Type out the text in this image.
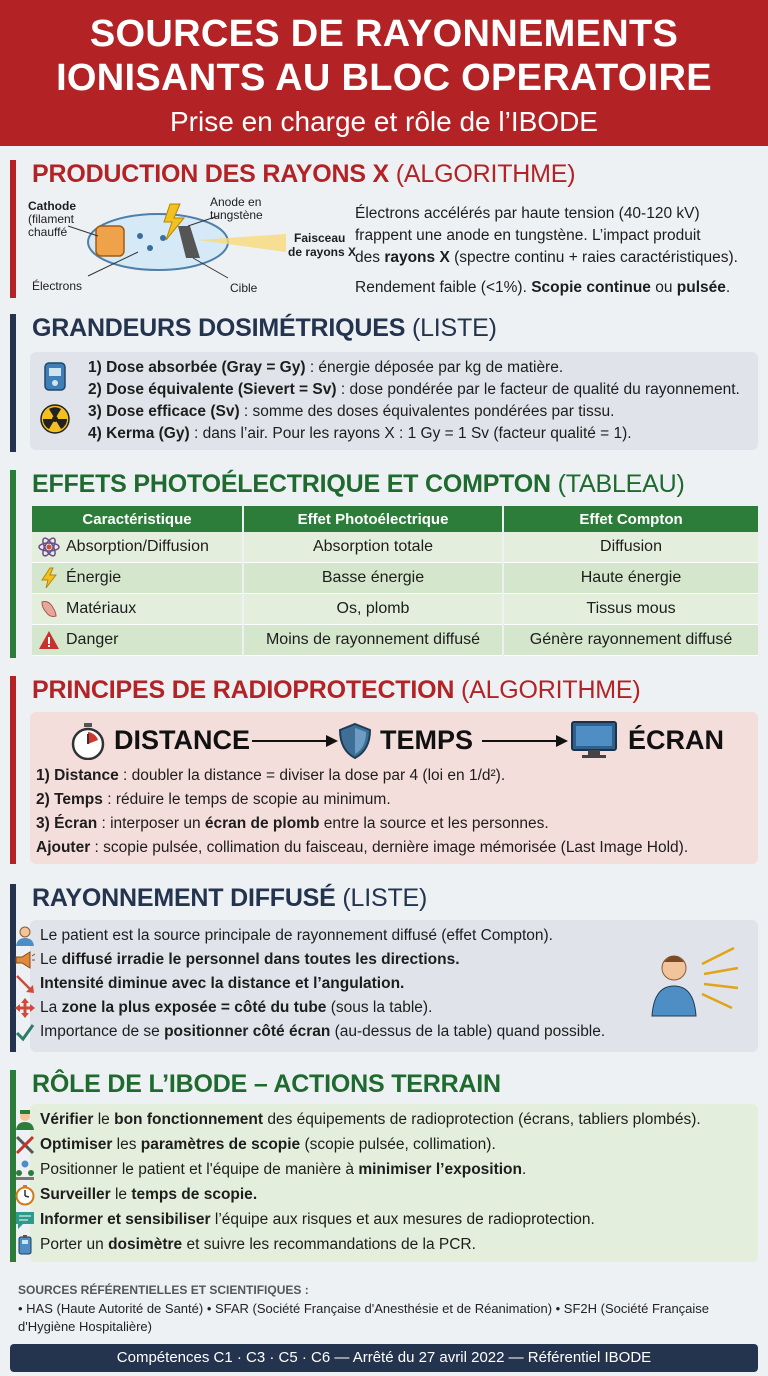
SOURCES DE RAYONNEMENTS
IONISANTS AU BLOC OPERATOIRE
Prise en charge et rôle de l’IBODE
PRODUCTION DES RAYONS X (ALGORITHME)
Cathode
(filament
chauffé
Anode en
tungstène
Faisceau
de rayons X
Électrons	Cible
Électrons accélérés par haute tension (40-120 kV)
frappent une anode en tungstène. L’impact produit
des rayons X (spectre continu + raies caractéristiques).
Rendement faible (<1%). Scopie continue ou pulsée.
GRANDEURS DOSIMÉTRIQUES (LISTE)
1) Dose absorbée (Gray = Gy) : énergie déposée par kg de matière.
2) Dose équivalente (Sievert = Sv) : dose pondérée par le facteur de qualité du rayonnement.
3) Dose efficace (Sv) : somme des doses équivalentes pondérées par tissu.
4) Kerma (Gy) : dans l’air. Pour les rayons X : 1 Gy = 1 Sv (facteur qualité = 1).
EFFETS PHOTOÉLECTRIQUE ET COMPTON (TABLEAU)
Caractéristique	Effet Photoélectrique	Effet Compton
Absorption/Diffusion	Absorption totale	Diffusion
Énergie	Basse énergie	Haute énergie
Matériaux	Os, plomb	Tissus mous
Danger	Moins de rayonnement diffusé	Génère rayonnement diffusé
PRINCIPES DE RADIOPROTECTION (ALGORITHME)
DISTANCE	TEMPS	ÉCRAN
1) Distance : doubler la distance = diviser la dose par 4 (loi en 1/d²).
2) Temps : réduire le temps de scopie au minimum.
3) Écran : interposer un écran de plomb entre la source et les personnes.
Ajouter : scopie pulsée, collimation du faisceau, dernière image mémorisée (Last Image Hold).
RAYONNEMENT DIFFUSÉ (LISTE)
Le patient est la source principale de rayonnement diffusé (effet Compton).
Le diffusé irradie le personnel dans toutes les directions.
Intensité diminue avec la distance et l’angulation.
La zone la plus exposée = côté du tube (sous la table).
Importance de se positionner côté écran (au-dessus de la table) quand possible.
RÔLE DE L’IBODE – ACTIONS TERRAIN
Vérifier le bon fonctionnement des équipements de radioprotection (écrans, tabliers plombés).
Optimiser les paramètres de scopie (scopie pulsée, collimation).
Positionner le patient et l'équipe de manière à minimiser l’exposition.
Surveiller le temps de scopie.
Informer et sensibiliser l’équipe aux risques et aux mesures de radioprotection.
Porter un dosimètre et suivre les recommandations de la PCR.
SOURCES RÉFÉRENTIELLES ET SCIENTIFIQUES :
• HAS (Haute Autorité de Santé) • SFAR (Société Française d'Anesthésie et de Réanimation) • SF2H (Société Française d'Hygiène Hospitalière)
Compétences C1 · C3 · C5 · C6 — Arrêté du 27 avril 2022 — Référentiel IBODE
